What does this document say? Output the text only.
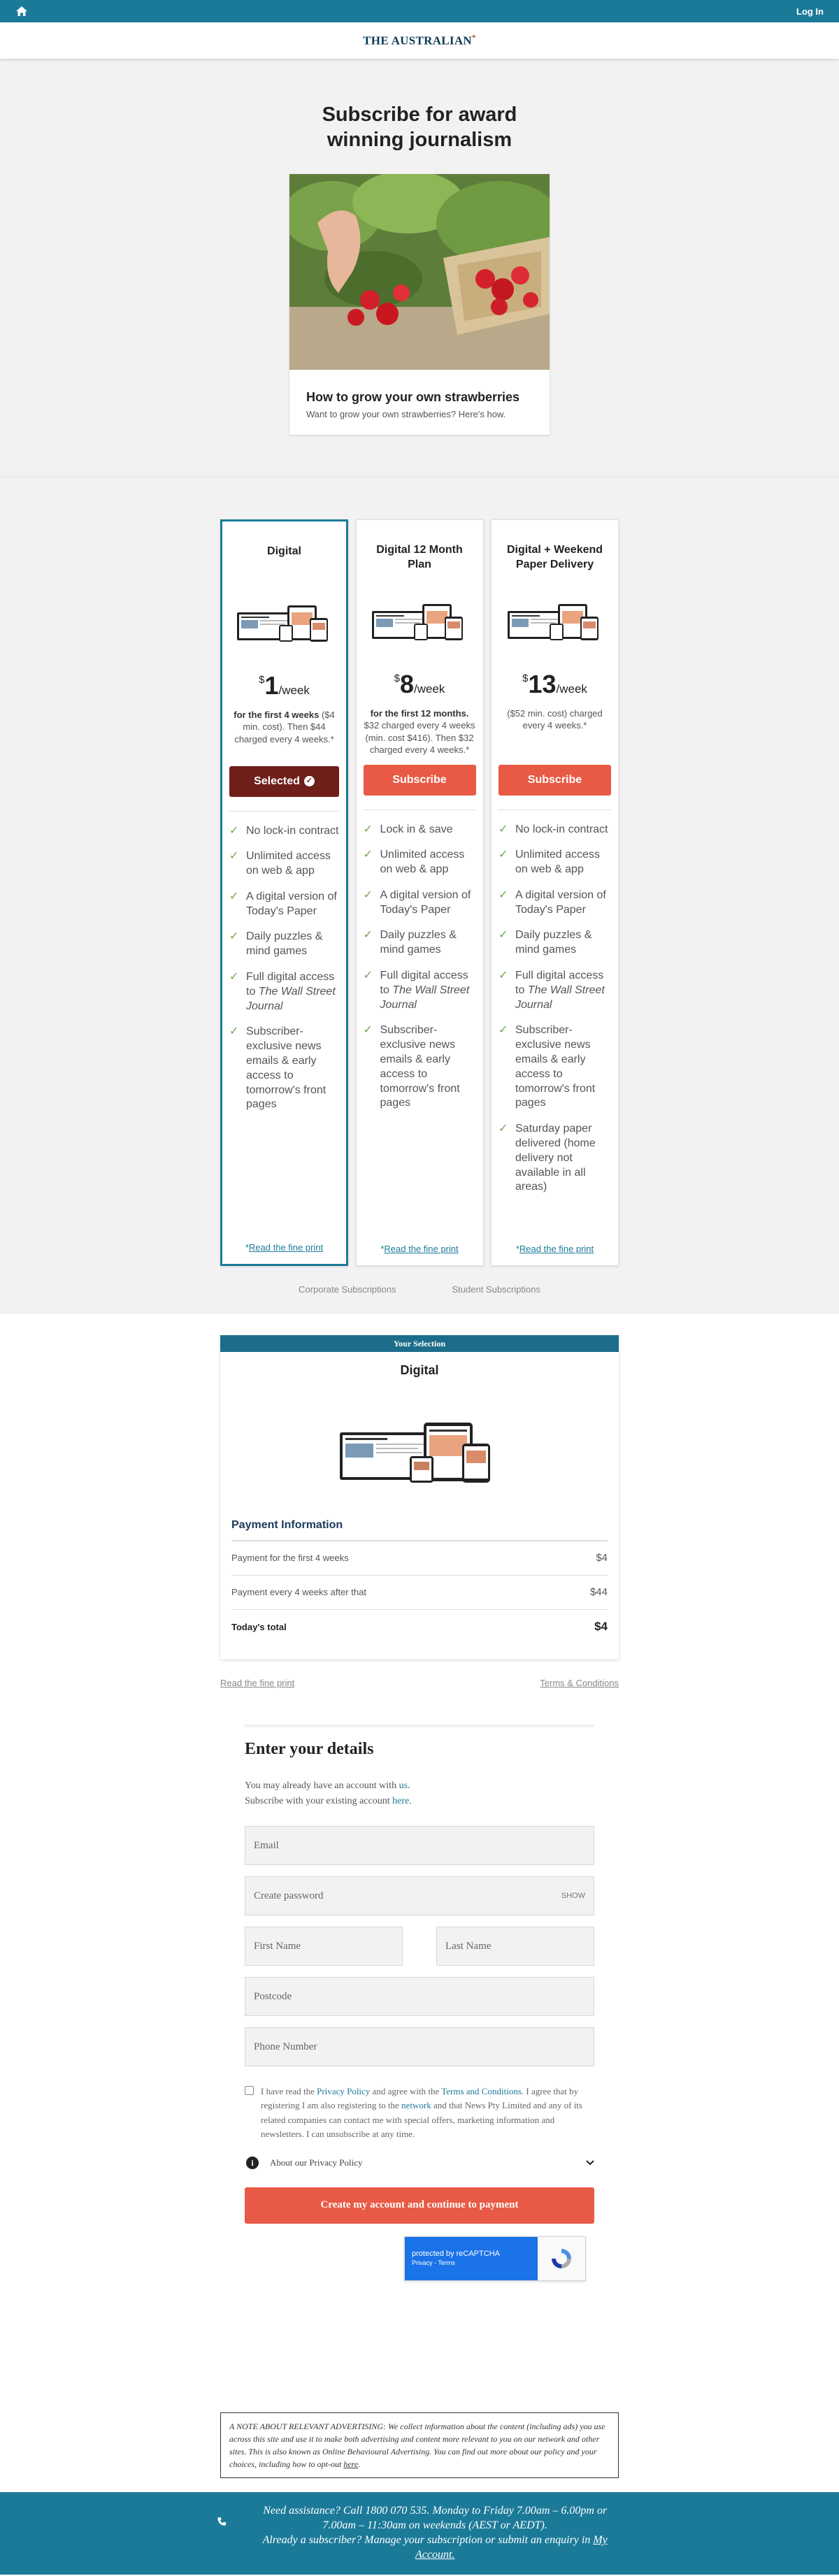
Log In
THE AUSTRALIAN*
Subscribe for award winning journalism
How to grow your own strawberries

Want to grow your own strawberries? Here's how.

Digital
$1/week
for the first 4 weeks ($4 min. cost). Then $44 charged every 4 weeks.*
Selected ✓
✓ No lock-in contract
✓ Unlimited access on web & app
✓ A digital version of Today's Paper
✓ Daily puzzles & mind games
✓ Full digital access to The Wall Street Journal
✓ Subscriber-exclusive news emails & early access to tomorrow's front pages
*Read the fine print
Digital 12 Month Plan
$8/week
for the first 12 months. $32 charged every 4 weeks (min. cost $416). Then $32 charged every 4 weeks.*
Subscribe
✓ Lock in & save
✓ Unlimited access on web & app
✓ A digital version of Today's Paper
✓ Daily puzzles & mind games
✓ Full digital access to The Wall Street Journal
✓ Subscriber-exclusive news emails & early access to tomorrow's front pages
*Read the fine print
Digital + Weekend Paper Delivery
$13/week
($52 min. cost) charged every 4 weeks.*
Subscribe
✓ No lock-in contract
✓ Unlimited access on web & app
✓ A digital version of Today's Paper
✓ Daily puzzles & mind games
✓ Full digital access to The Wall Street Journal
✓ Subscriber-exclusive news emails & early access to tomorrow's front pages
✓ Saturday paper delivered (home delivery not available in all areas)
*Read the fine print
Corporate Subscriptions	Student Subscriptions
Your Selection
Digital
Payment Information
Payment for the first 4 weeks	$4
Payment every 4 weeks after that	$44
Today's total	$4
Read the fine print	Terms & Conditions
Enter your details

You may already have an account with us.
Subscribe with your existing account here.

Email
Create password	SHOW
First Name	Last Name
Postcode
Phone Number
I have read the Privacy Policy and agree with the Terms and Conditions. I agree that by registering I am also registering to the network and that News Pty Limited and any of its related companies can contact me with special offers, marketing information and newsletters. I can unsubscribe at any time.
i	About our Privacy Policy
Create my account and continue to payment
protected by reCAPTCHA
Privacy - Terms
A NOTE ABOUT RELEVANT ADVERTISING: We collect information about the content (including ads) you use across this site and use it to make both advertising and content more relevant to you on our network and other sites. This is also known as Online Behavioural Advertising. You can find out more about our policy and your choices, including how to opt-out here.
Need assistance? Call 1800 070 535. Monday to Friday 7.00am – 6.00pm or 7.00am – 11:30am on weekends (AEST or AEDT).
Already a subscriber? Manage your subscription or submit an enquiry in My Account.
